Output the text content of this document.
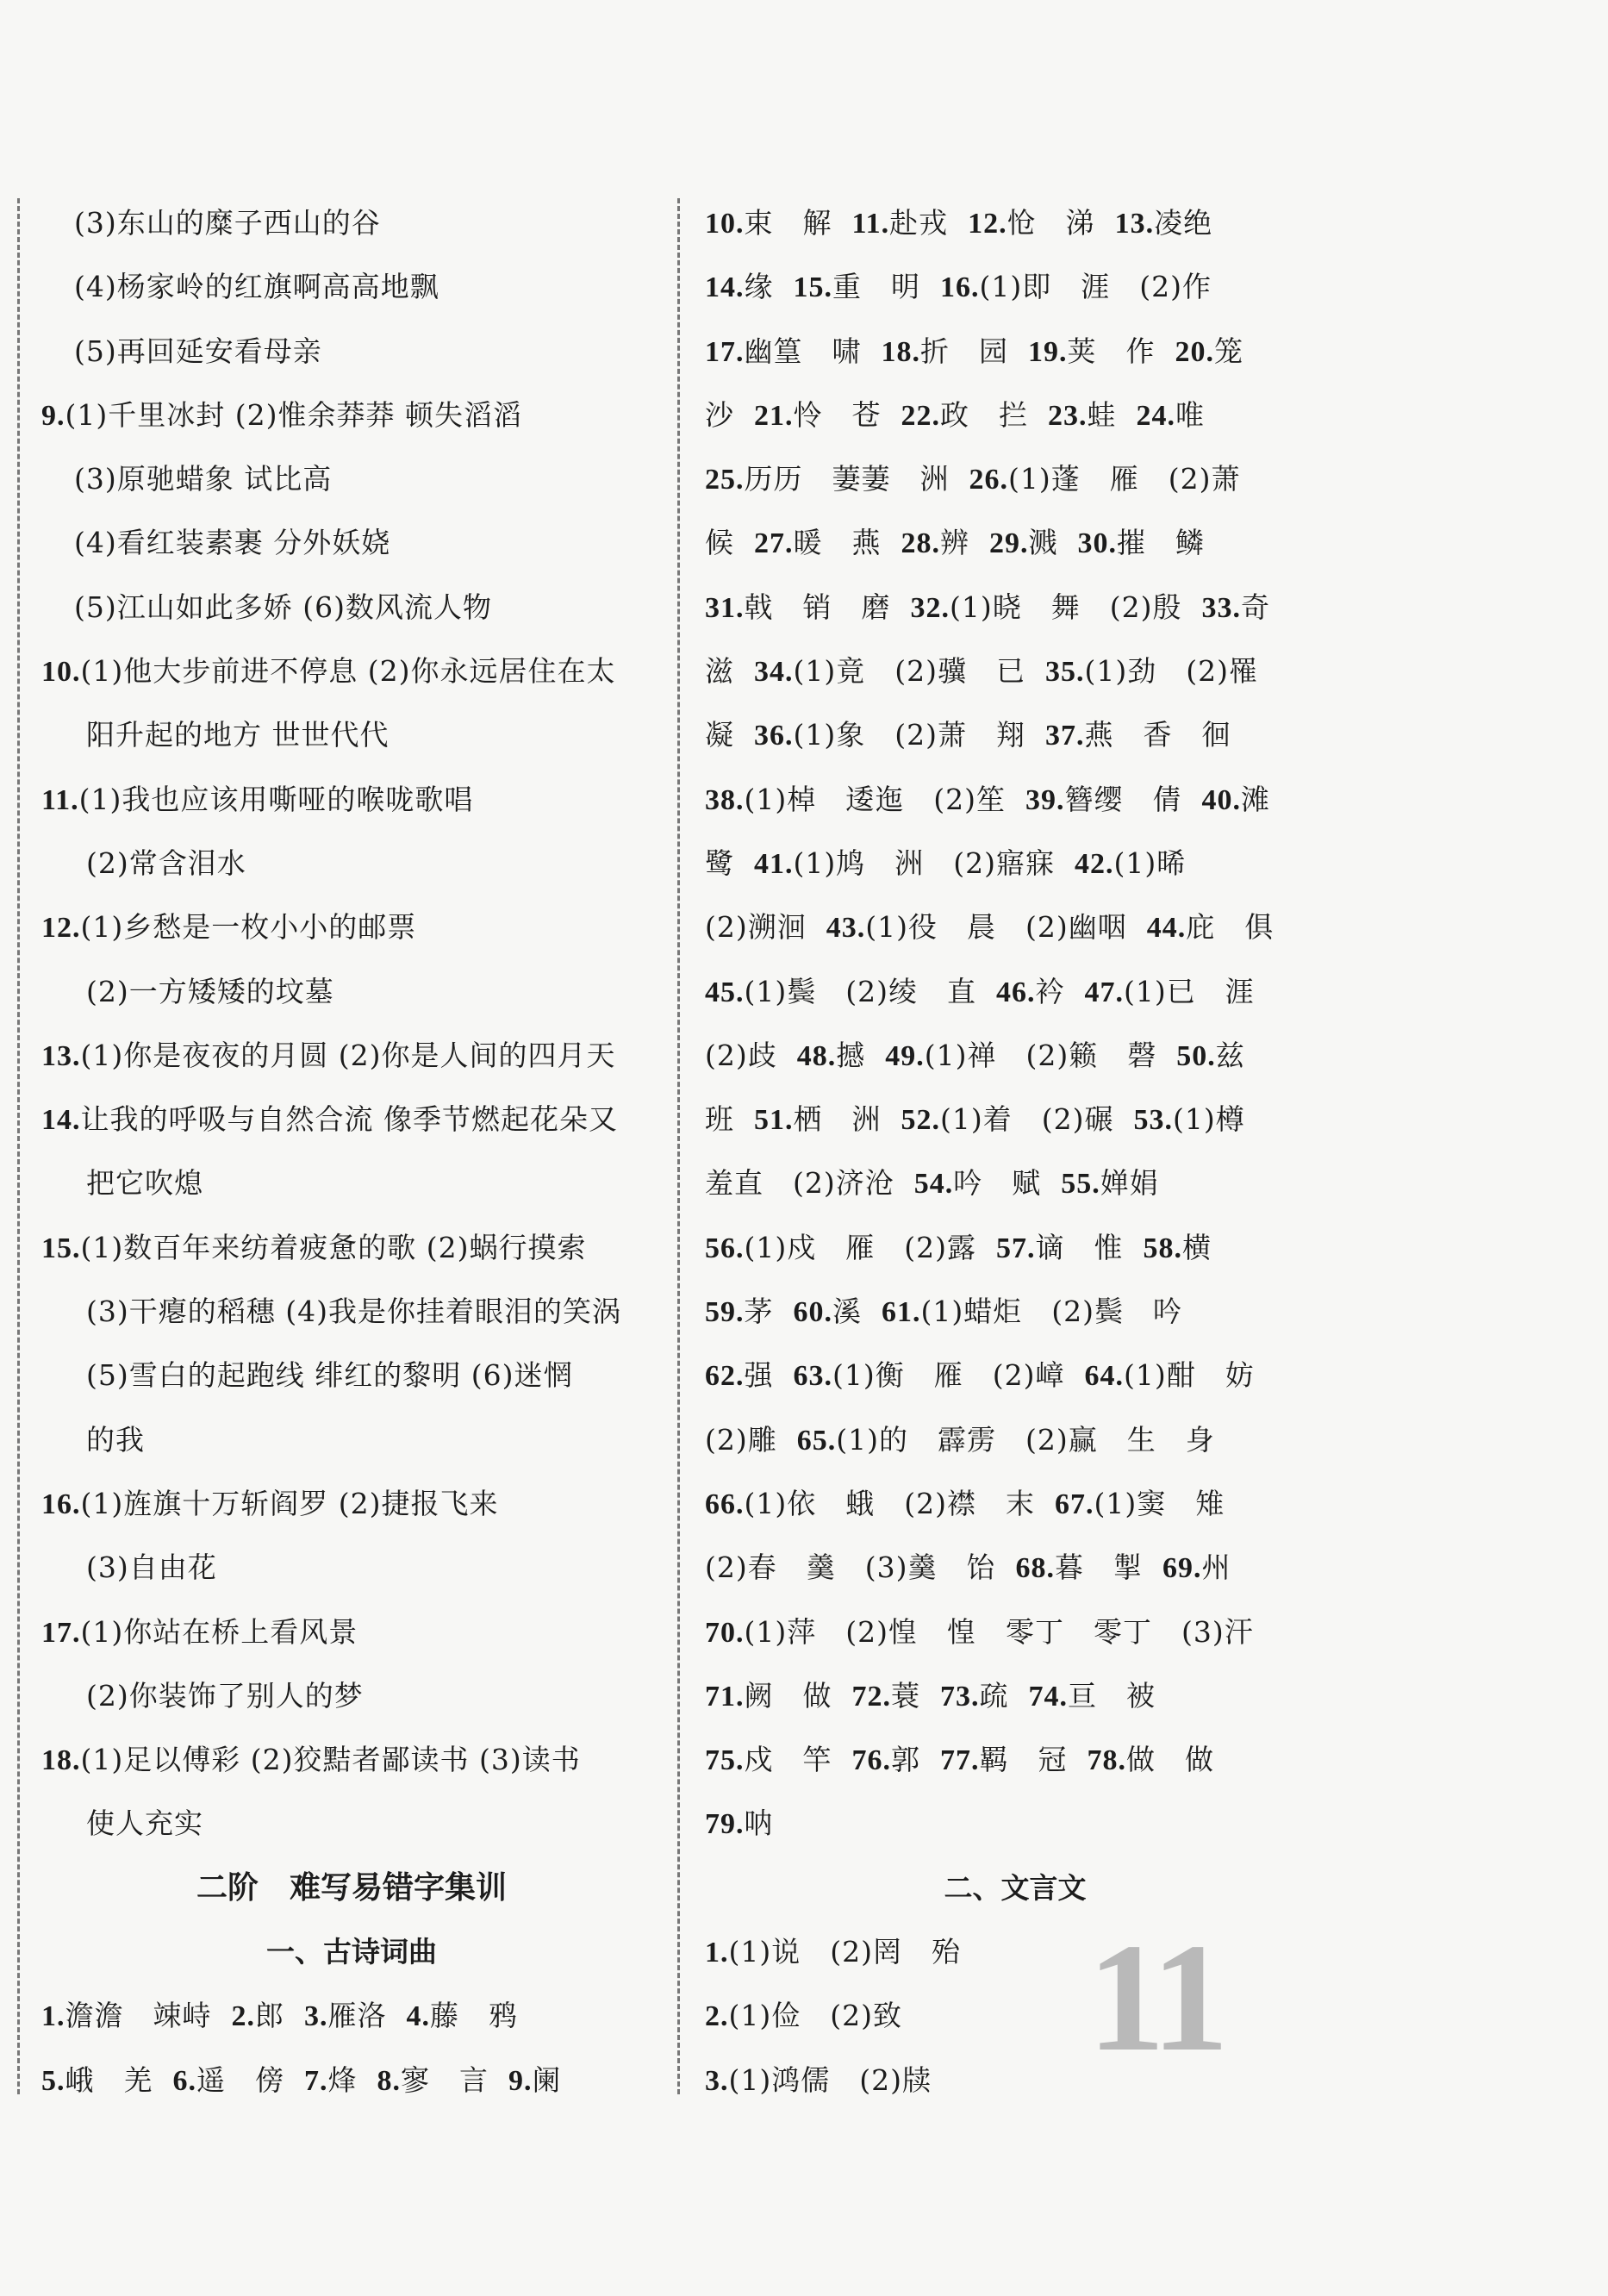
(3)东山的糜子西山的谷
(4)杨家岭的红旗啊高高地飘
(5)再回延安看母亲
9.(1)千里冰封 (2)惟余莽莽 顿失滔滔
(3)原驰蜡象 试比高
(4)看红装素裹 分外妖娆
(5)江山如此多娇 (6)数风流人物
10.(1)他大步前进不停息 (2)你永远居住在太
阳升起的地方 世世代代
11.(1)我也应该用嘶哑的喉咙歌唱
(2)常含泪水
12.(1)乡愁是一枚小小的邮票
(2)一方矮矮的坟墓
13.(1)你是夜夜的月圆 (2)你是人间的四月天
14.让我的呼吸与自然合流 像季节燃起花朵又
把它吹熄
15.(1)数百年来纺着疲惫的歌 (2)蜗行摸索
(3)干瘪的稻穗 (4)我是你挂着眼泪的笑涡
(5)雪白的起跑线 绯红的黎明 (6)迷惘
的我
16.(1)旌旗十万斩阎罗 (2)捷报飞来
(3)自由花
17.(1)你站在桥上看风景
(2)你装饰了别人的梦
18.(1)足以傅彩 (2)狡黠者鄙读书 (3)读书
使人充实
二阶　难写易错字集训
一、古诗词曲
1.澹澹　竦峙 2.郎 3.雁洛 4.藤　鸦
5.峨　羌 6.遥　傍 7.烽 8.寥　言 9.阑
10.束　解 11.赴戎 12.怆　涕 13.凌绝
14.缘 15.重　明 16.(1)即　涯　(2)作
17.幽篁　啸 18.折　园 19.荚　作 20.笼
沙 21.怜　苍 22.政　拦 23.蛙 24.唯
25.历历　萋萋　洲 26.(1)蓬　雁　(2)萧
候 27.暖　燕 28.辨 29.溅 30.摧　鳞
31.戟　销　磨 32.(1)晓　舞　(2)殷 33.奇
滋 34.(1)竟　(2)骥　已 35.(1)劲　(2)罹
凝 36.(1)象　(2)萧　翔 37.燕　香　徊
38.(1)棹　逶迤　(2)笙 39.簪缨　倩 40.滩
鹭 41.(1)鸠　洲　(2)寤寐 42.(1)晞
(2)溯洄 43.(1)役　晨　(2)幽咽 44.庇　俱
45.(1)鬓　(2)绫　直 46.衿 47.(1)已　涯
(2)歧 48.撼 49.(1)禅　(2)籁　磬 50.兹
班 51.栖　洲 52.(1)着　(2)碾 53.(1)樽
羞直　(2)济沧 54.吟　赋 55.婵娟
56.(1)戍　雁　(2)露 57.谪　惟 58.横
59.茅 60.溪 61.(1)蜡炬　(2)鬓　吟
62.强 63.(1)衡　雁　(2)嶂 64.(1)酣　妨
(2)雕 65.(1)的　霹雳　(2)赢　生　身
66.(1)依　蛾　(2)襟　末 67.(1)窦　雉
(2)春　羹　(3)羹　饴 68.暮　掣 69.州
70.(1)萍　(2)惶　惶　零丁　零丁　(3)汗
71.阙　做 72.蓑 73.疏 74.亘　被
75.戍　竿 76.郭 77.羁　冠 78.做　做
79.呐
二、文言文
1.(1)说　(2)罔　殆
2.(1)俭　(2)致
3.(1)鸿儒　(2)牍	11
